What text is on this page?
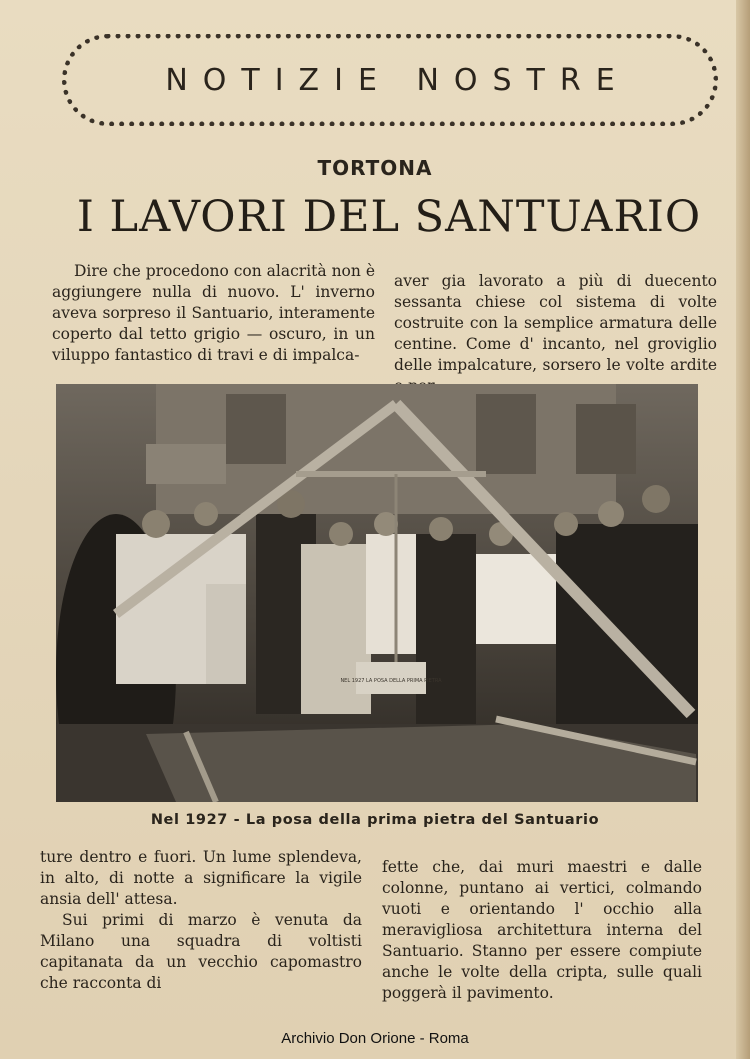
NOTIZIE NOSTRE
TORTONA
I LAVORI DEL SANTUARIO

Dire che procedono con alacrità non è aggiungere nulla di nuovo. L' inverno aveva sorpreso il Santuario, interamente coperto dal tetto grigio — oscuro, in un viluppo fantastico di travi e di impalca-

aver gia lavorato a più di duecento sessanta chiese col sistema di volte costruite con la semplice armatura delle centine. Come d' incanto, nel groviglio delle impalcature, sorsero le volte ardite

NEL 1927 LA POSA DELLA PRIMA PIETRA
Nel 1927 - La posa della prima pietra del Santuario

ture dentro e fuori. Un lume splendeva, in alto, di notte a significare la vigile ansia dell' attesa.

Sui primi di marzo è venuta da Milano una squadra di voltisti capitanata da un vecchio capomastro che racconta di

fette che, dai muri maestri e dalle colonne, puntano ai vertici, colmando vuoti e orientando l' occhio alla meravigliosa architettura interna del Santuario. Stanno per essere compiute anche le volte della cripta, sulle quali poggerà il pavimento.

Archivio Don Orione - Roma
